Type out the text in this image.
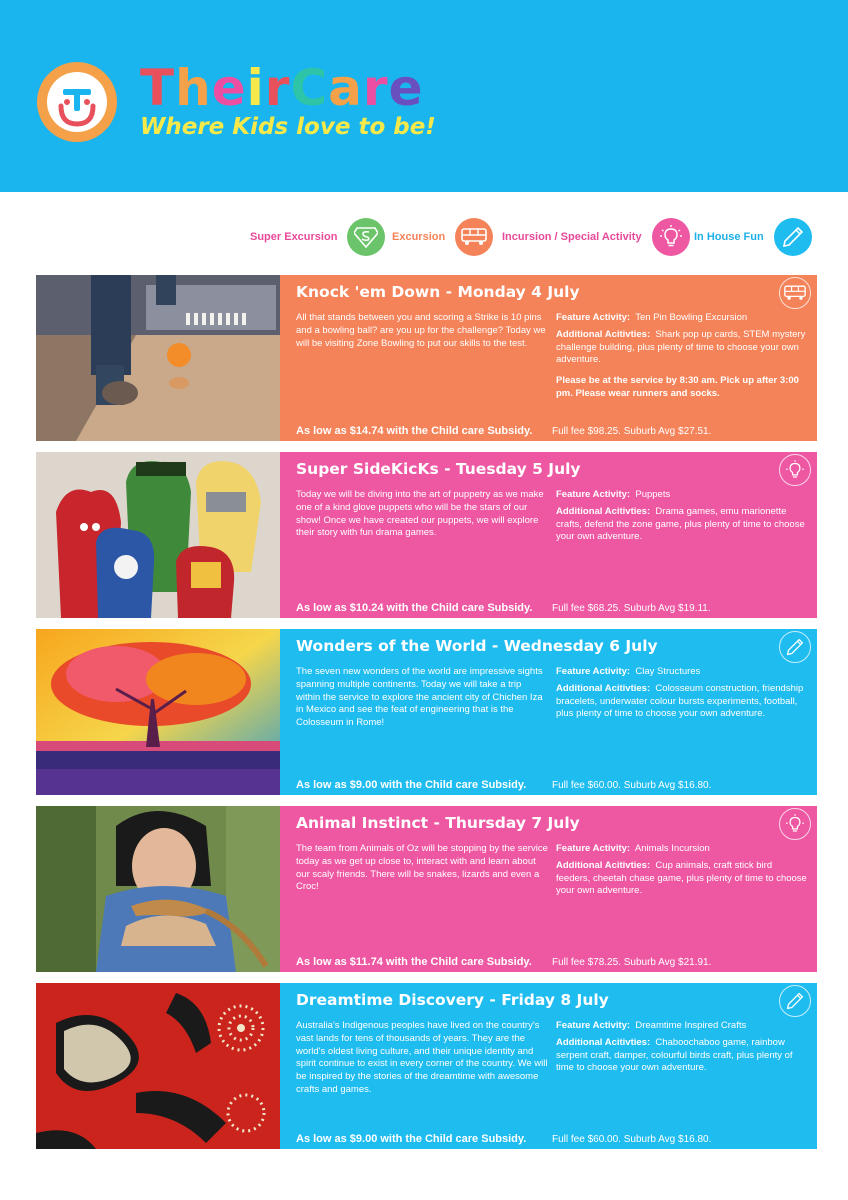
TheirCare
Where Kids love to be!
Super Excursion	Excursion	Incursion / Special Activity	In House Fun
Knock 'em Down - Monday 4 July
All that stands between you and scoring a Strike is 10 pins and a bowling ball? are you up for the challenge? Today we will be visiting Zone Bowling to put our skills to the test.

Feature Activity: Ten Pin Bowling Excursion

Additional Acitivties: Shark pop up cards, STEM mystery challenge building, plus plenty of time to choose your own adventure.

Please be at the service by 8:30 am. Pick up after 3:00 pm. Please wear runners and socks.

As low as $14.74 with the Child care Subsidy. Full fee $98.25. Suburb Avg $27.51.
Super SideKicKs - Tuesday 5 July
Today we will be diving into the art of puppetry as we make one of a kind glove puppets who will be the stars of our show! Once we have created our puppets, we will explore their story with fun drama games.

Feature Activity: Puppets

Additional Acitivties: Drama games, emu marionette crafts, defend the zone game, plus plenty of time to choose your own adventure.

As low as $10.24 with the Child care Subsidy. Full fee $68.25. Suburb Avg $19.11.
Wonders of the World - Wednesday 6 July
The seven new wonders of the world are impressive sights spanning multiple continents. Today we will take a trip within the service to explore the ancient city of Chichen Iza in Mexico and see the feat of engineering that is the Colosseum in Rome!

Feature Activity: Clay Structures

Additional Acitivties: Colosseum construction, friendship bracelets, underwater colour bursts experiments, football, plus plenty of time to choose your own adventure.

As low as $9.00 with the Child care Subsidy.	Full fee $60.00. Suburb Avg $16.80.
Animal Instinct - Thursday 7 July
The team from Animals of Oz will be stopping by the service today as we get up close to, interact with and learn about our scaly friends. There will be snakes, lizards and even a Croc!

Feature Activity: Animals Incursion

Additional Acitivties: Cup animals, craft stick bird feeders, cheetah chase game, plus plenty of time to choose your own adventure.

As low as $11.74 with the Child care Subsidy. Full fee $78.25. Suburb Avg $21.91.
Dreamtime Discovery - Friday 8 July
Australia's Indigenous peoples have lived on the country's vast lands for tens of thousands of years. They are the world's oldest living culture, and their unique identity and spirit continue to exist in every corner of the country. We will be inspired by the stories of the dreamtime with awesome crafts and games.

Feature Activity: Dreamtime Inspired Crafts

Additional Acitivties: Chaboochaboo game, rainbow serpent craft, damper, colourful birds craft, plus plenty of time to choose your own adventure.

As low as $9.00 with the Child care Subsidy.	Full fee $60.00. Suburb Avg $16.80.
